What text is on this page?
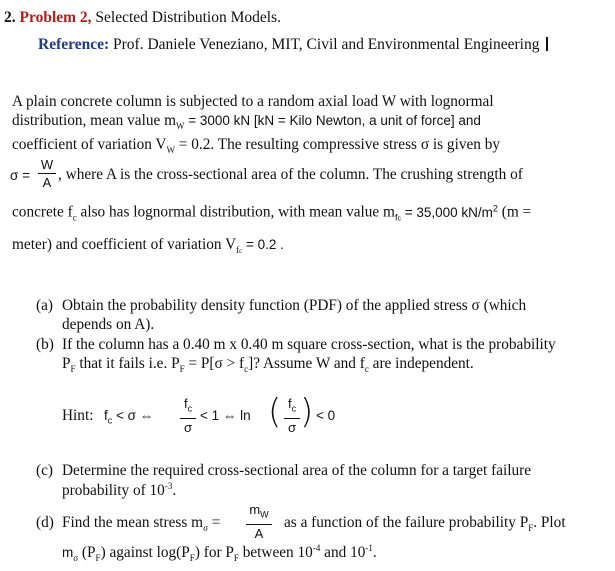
2. Problem 2, Selected Distribution Models.
Reference: Prof. Daniele Veneziano, MIT, Civil and Environmental Engineering
A plain concrete column is subjected to a random axial load W with lognormal
distribution, mean value $m_W = 3000$ kN [kN = Kilo Newton, a unit of force] and
coefficient of variation $V_W = 0.2$. The resulting compressive stress σ is given by
σ =
W
A , where A is the cross-sectional area of the column. The crushing strength of
concrete $f_c$ also has lognormal distribution, with mean value $m_{fc} = 35,000$ $kN/m^2$ (m =
meter) and coefficient of variation $V_{fc} = 0.2$ .
(a) Obtain the probability density function (PDF) of the applied stress σ (which
depends on A).
(b) If the column has a 0.40 m x 0.40 m square cross-section, what is the probability
$P_F$ that it fails i.e. $P_F = P[\sigma > f_c]$? Assume W and $f_c$ are independent.
Hint: $f_c < \sigma$ ⇔
$f_c$
σ
< 1 ⇔ ln ( $f_c$
σ ) < 0
(c) Determine the required cross-sectional area of the column for a target failure
probability of $10^{-3}$.
(d) Find the mean stress $m_\sigma$ =
$m_W$
A
as a function of the failure probability $P_F$. Plot
$m_\sigma$ $(P_F)$ against $\log(P_F)$ for $P_F$ between $10^{-4}$ and $10^{-1}$.
